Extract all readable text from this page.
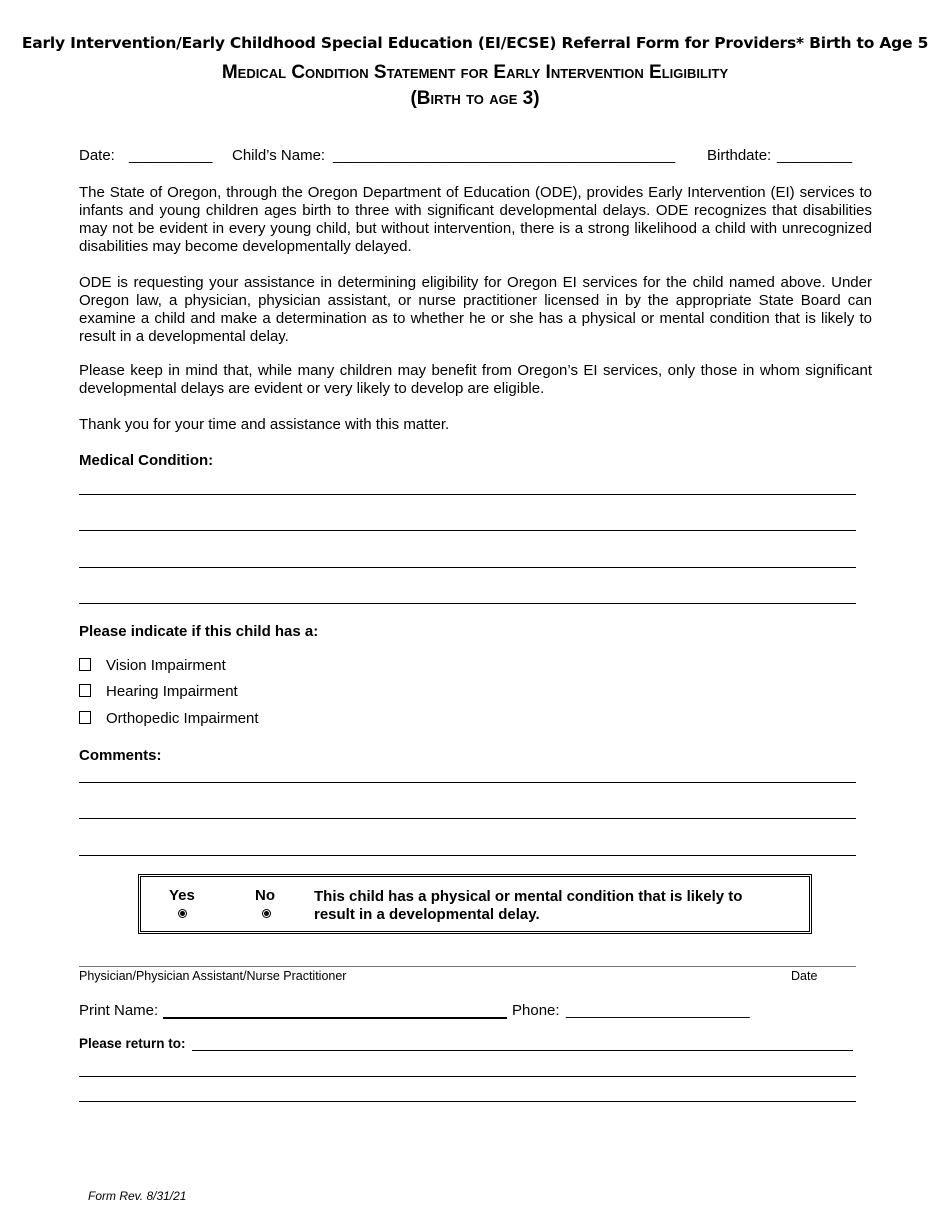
Early Intervention/Early Childhood Special Education (EI/ECSE) Referral Form for Providers* Birth to Age 5
Medical Condition Statement for Early Intervention Eligibility
(Birth to age 3)
Date: __________ Child’s Name: _________________________________________ Birthdate: _________
The State of Oregon, through the Oregon Department of Education (ODE), provides Early Intervention (EI) services to infants and young children ages birth to three with significant developmental delays. ODE recognizes that disabilities may not be evident in every young child, but without intervention, there is a strong likelihood a child with unrecognized disabilities may become developmentally delayed.
ODE is requesting your assistance in determining eligibility for Oregon EI services for the child named above. Under Oregon law, a physician, physician assistant, or nurse practitioner licensed in by the appropriate State Board can examine a child and make a determination as to whether he or she has a physical or mental condition that is likely to result in a developmental delay.
Please keep in mind that, while many children may benefit from Oregon’s EI services, only those in whom significant developmental delays are evident or very likely to develop are eligible.
Thank you for your time and assistance with this matter.
Medical Condition:
Please indicate if this child has a:
Vision Impairment
Hearing Impairment
Orthopedic Impairment
Comments:
Yes	No	This child has a physical or mental condition that is likely to result in a developmental delay.
Physician/Physician Assistant/Nurse Practitioner	Date
Print Name:	Phone: ______________________
Please return to:
Form Rev. 8/31/21
